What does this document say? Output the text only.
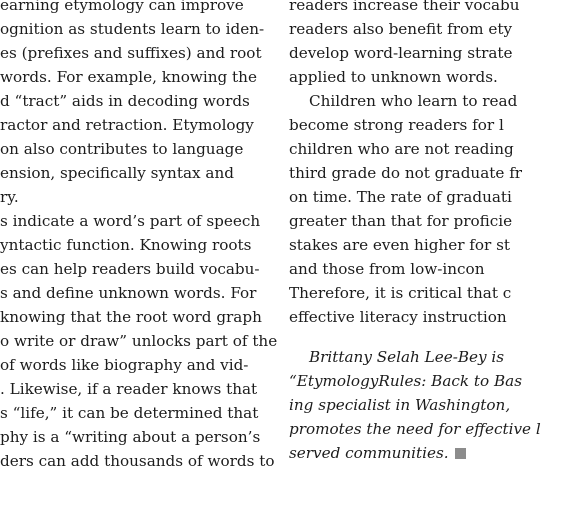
earning etymology can improve
ognition as students learn to iden-
es (prefixes and suffixes) and root
words. For example, knowing the
d “tract” aids in decoding words
ractor and retraction. Etymology
on also contributes to language
ension, specifically syntax and
ry.
s indicate a word’s part of speech
yntactic function. Knowing roots
es can help readers build vocabu-
s and define unknown words. For
knowing that the root word graph
o write or draw” unlocks part of the
of words like biography and vid-
. Likewise, if a reader knows that
s “life,” it can be determined that
phy is a “writing about a person’s
ders can add thousands of words to
readers increase their vocabu
readers also benefit from ety
develop word-learning strate
applied to unknown words.
Children who learn to read
become strong readers for l
children who are not reading
third grade do not graduate fr
on time. The rate of graduati
greater than that for proficie
stakes are even higher for st
and those from low-incon
Therefore, it is critical that c
effective literacy instruction
Brittany Selah Lee-Bey is
“EtymologyRules: Back to Bas
ing specialist in Washington,
promotes the need for effective l
served communities.
